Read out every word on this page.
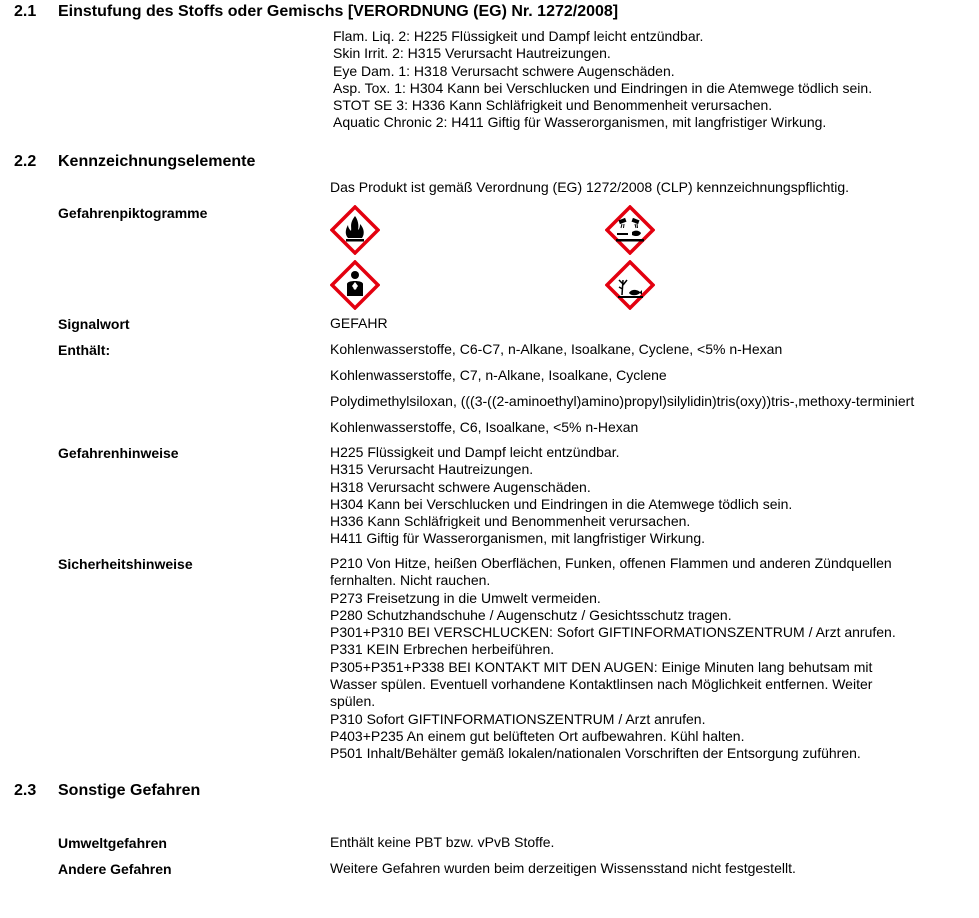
2.1 Einstufung des Stoffs oder Gemischs [VERORDNUNG (EG) Nr. 1272/2008]
Flam. Liq. 2: H225 Flüssigkeit und Dampf leicht entzündbar.
Skin Irrit. 2: H315 Verursacht Hautreizungen.
Eye Dam. 1: H318 Verursacht schwere Augenschäden.
Asp. Tox. 1: H304 Kann bei Verschlucken und Eindringen in die Atemwege tödlich sein.
STOT SE 3: H336 Kann Schläfrigkeit und Benommenheit verursachen.
Aquatic Chronic 2: H411 Giftig für Wasserorganismen, mit langfristiger Wirkung.
2.2 Kennzeichnungselemente
Das Produkt ist gemäß Verordnung (EG) 1272/2008 (CLP) kennzeichnungspflichtig.
Gefahrenpiktogramme
Signalwort	GEFAHR
Enthält:	Kohlenwasserstoffe, C6-C7, n-Alkane, Isoalkane, Cyclene, <5% n-Hexan
Kohlenwasserstoffe, C7, n-Alkane, Isoalkane, Cyclene
Polydimethylsiloxan, (((3-((2-aminoethyl)amino)propyl)silylidin)tris(oxy))tris-,methoxy-terminiert
Kohlenwasserstoffe, C6, Isoalkane, <5% n-Hexan
Gefahrenhinweise	H225 Flüssigkeit und Dampf leicht entzündbar.
H315 Verursacht Hautreizungen.
H318 Verursacht schwere Augenschäden.
H304 Kann bei Verschlucken und Eindringen in die Atemwege tödlich sein.
H336 Kann Schläfrigkeit und Benommenheit verursachen.
H411 Giftig für Wasserorganismen, mit langfristiger Wirkung.
Sicherheitshinweise	P210 Von Hitze, heißen Oberflächen, Funken, offenen Flammen und anderen Zündquellen
fernhalten. Nicht rauchen.
P273 Freisetzung in die Umwelt vermeiden.
P280 Schutzhandschuhe / Augenschutz / Gesichtsschutz tragen.
P301+P310 BEI VERSCHLUCKEN: Sofort GIFTINFORMATIONSZENTRUM / Arzt anrufen.
P331 KEIN Erbrechen herbeiführen.
P305+P351+P338 BEI KONTAKT MIT DEN AUGEN: Einige Minuten lang behutsam mit
Wasser spülen. Eventuell vorhandene Kontaktlinsen nach Möglichkeit entfernen. Weiter
spülen.
P310 Sofort GIFTINFORMATIONSZENTRUM / Arzt anrufen.
P403+P235 An einem gut belüfteten Ort aufbewahren. Kühl halten.
P501 Inhalt/Behälter gemäß lokalen/nationalen Vorschriften der Entsorgung zuführen.
2.3 Sonstige Gefahren
Umweltgefahren	Enthält keine PBT bzw. vPvB Stoffe.
Andere Gefahren	Weitere Gefahren wurden beim derzeitigen Wissensstand nicht festgestellt.
